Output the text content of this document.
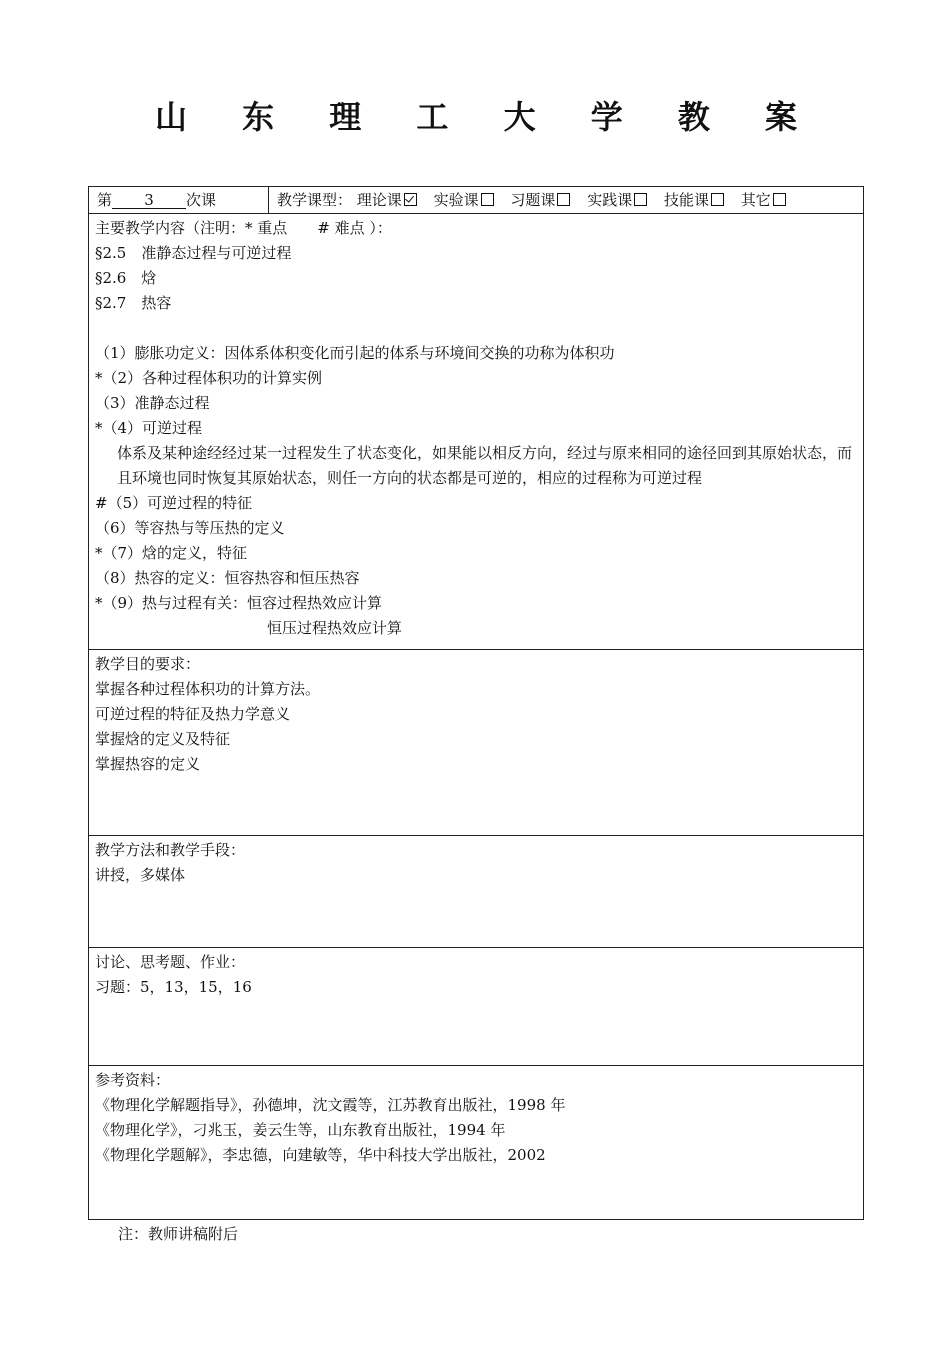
山 东 理 工 大 学 教 案
第 3 次课	教学课型： 理论课 实验课 习题课 实践课 技能课 其它
主要教学内容（注明：* 重点　　# 难点 ）：
§2.5　准静态过程与可逆过程
§2.6　焓
§2.7　热容

（1）膨胀功定义：因体系体积变化而引起的体系与环境间交换的功称为体积功
*（2）各种过程体积功的计算实例
（3）准静态过程
*（4）可逆过程
体系及某种途经经过某一过程发生了状态变化，如果能以相反方向，经过与原来相同的途径回到其原始状态，而且环境也同时恢复其原始状态，则任一方向的状态都是可逆的，相应的过程称为可逆过程
#（5）可逆过程的特征
（6）等容热与等压热的定义
*（7）焓的定义，特征
（8）热容的定义：恒容热容和恒压热容
*（9）热与过程有关：恒容过程热效应计算
恒压过程热效应计算
教学目的要求：
掌握各种过程体积功的计算方法。
可逆过程的特征及热力学意义
掌握焓的定义及特征
掌握热容的定义
教学方法和教学手段：
讲授，多媒体
讨论、思考题、作业：
习题：5，13，15，16
参考资料：
《物理化学解题指导》，孙德坤，沈文霞等，江苏教育出版社，1998 年
《物理化学》，刁兆玉，姜云生等，山东教育出版社，1994 年
《物理化学题解》，李忠德，向建敏等，华中科技大学出版社，2002
注：教师讲稿附后
